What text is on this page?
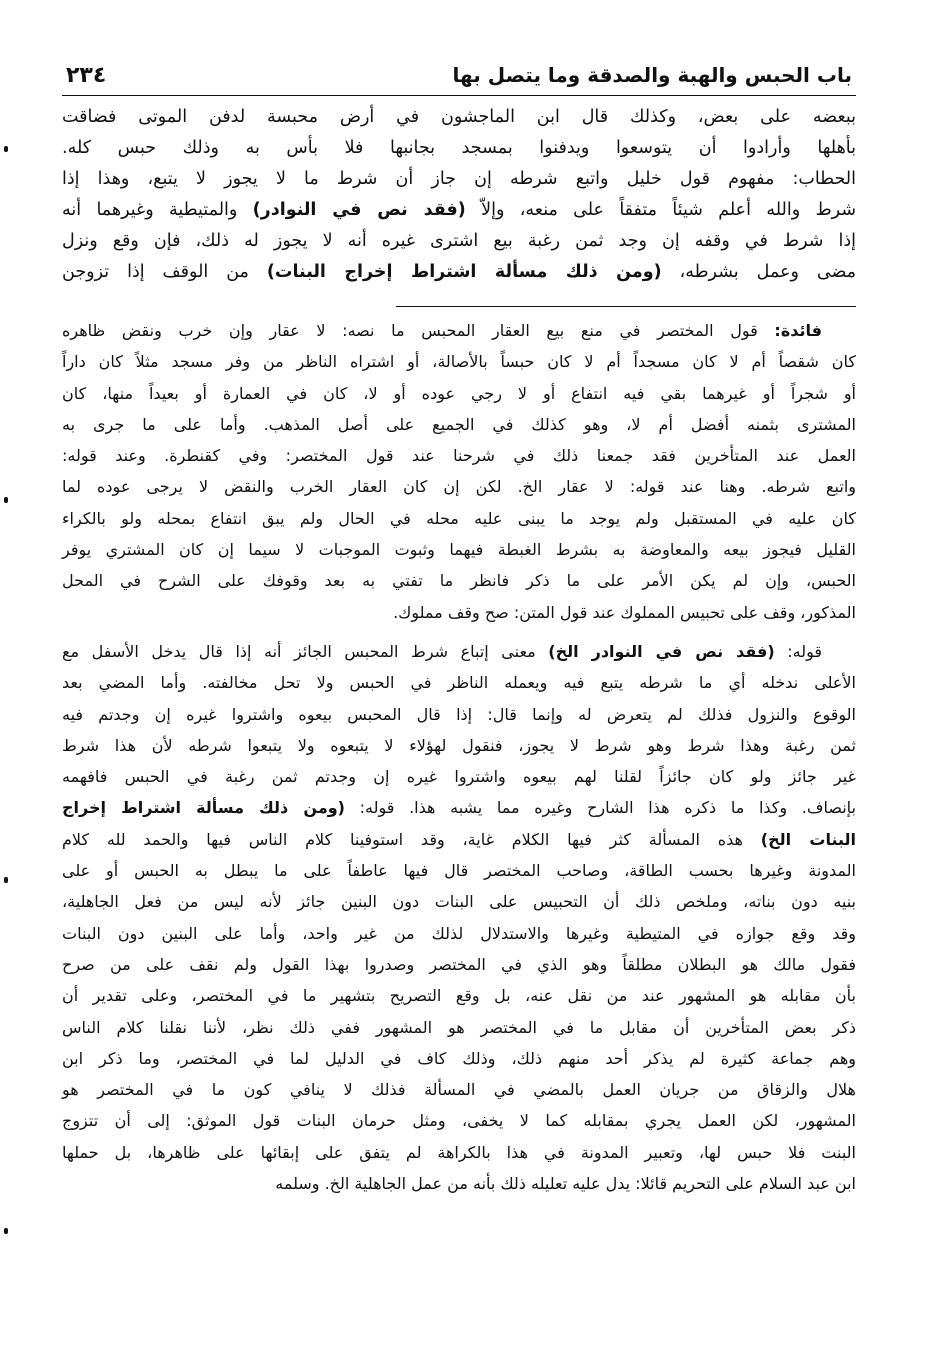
باب الحبس والهبة والصدقة وما يتصل بها
٢٣٤
ببعضه على بعض، وكذلك قال ابن الماجشون في أرض محبسة لدفن الموتى فضاقت
بأهلها وأرادوا أن يتوسعوا ويدفنوا بمسجد بجانبها فلا بأس به وذلك حبس كله.
الحطاب: مفهوم قول خليل واتبع شرطه إن جاز أن شرط ما لا يجوز لا يتبع، وهذا إذا
شرط والله أعلم شيئاً متفقاً على منعه، وإلاّ (فقد نص في النوادر) والمتيطية وغيرهما أنه
إذا شرط في وقفه إن وجد ثمن رغبة بيع اشترى غيره أنه لا يجوز له ذلك، فإن وقع ونزل
مضى وعمل بشرطه، (ومن ذلك مسألة اشتراط إخراج البنات) من الوقف إذا تزوجن
فائدة: قول المختصر في منع بيع العقار المحبس ما نصه: لا عقار وإن خرب ونقض ظاهره
كان شقصاً أم لا كان مسجداً أم لا كان حبساً بالأصالة، أو اشتراه الناظر من وفر مسجد مثلاً كان داراً
أو شجراً أو غيرهما بقي فيه انتفاع أو لا رجي عوده أو لا، كان في العمارة أو بعيداً منها، كان
المشترى بثمنه أفضل أم لا، وهو كذلك في الجميع على أصل المذهب. وأما على ما جرى به
العمل عند المتأخرين فقد جمعنا ذلك في شرحنا عند قول المختصر: وفي كقنطرة. وعند قوله:
واتبع شرطه. وهنا عند قوله: لا عقار الخ. لكن إن كان العقار الخرب والنقض لا يرجى عوده لما
كان عليه في المستقبل ولم يوجد ما يبنى عليه محله في الحال ولم يبق انتفاع بمحله ولو بالكراء
القليل فيجوز بيعه والمعاوضة به بشرط الغبطة فيهما وثبوت الموجبات لا سيما إن كان المشتري يوفر
الحبس، وإن لم يكن الأمر على ما ذكر فانظر ما تفتي به بعد وقوفك على الشرح في المحل
المذكور، وقف على تحبيس المملوك عند قول المتن: صح وقف مملوك.
قوله: (فقد نص في النوادر الخ) معنى إتباع شرط المحبس الجائز أنه إذا قال يدخل الأسفل مع
الأعلى ندخله أي ما شرطه يتبع فيه ويعمله الناظر في الحبس ولا تحل مخالفته. وأما المضي بعد
الوقوع والنزول فذلك لم يتعرض له وإنما قال: إذا قال المحبس بيعوه واشتروا غيره إن وجدتم فيه
ثمن رغبة وهذا شرط وهو شرط لا يجوز، فنقول لهؤلاء لا يتبعوه ولا يتبعوا شرطه لأن هذا شرط
غير جائز ولو كان جائزاً لقلنا لهم بيعوه واشتروا غيره إن وجدتم ثمن رغبة في الحبس فافهمه
بإنصاف. وكذا ما ذكره هذا الشارح وغيره مما يشبه هذا. قوله: (ومن ذلك مسألة اشتراط إخراج
البنات الخ) هذه المسألة كثر فيها الكلام غاية، وقد استوفينا كلام الناس فيها والحمد لله كلام
المدونة وغيرها بحسب الطاقة، وصاحب المختصر قال فيها عاطفاً على ما يبطل به الحبس أو على
بنيه دون بناته، وملخص ذلك أن التحبيس على البنات دون البنين جائز لأنه ليس من فعل الجاهلية،
وقد وقع جوازه في المتيطية وغيرها والاستدلال لذلك من غير واحد، وأما على البنين دون البنات
فقول مالك هو البطلان مطلقاً وهو الذي في المختصر وصدروا بهذا القول ولم نقف على من صرح
بأن مقابله هو المشهور عند من نقل عنه، بل وقع التصريح بتشهير ما في المختصر، وعلى تقدير أن
ذكر بعض المتأخرين أن مقابل ما في المختصر هو المشهور ففي ذلك نظر، لأننا نقلنا كلام الناس
وهم جماعة كثيرة لم يذكر أحد منهم ذلك، وذلك كاف في الدليل لما في المختصر، وما ذكر ابن
هلال والزقاق من جريان العمل بالمضي في المسألة فذلك لا ينافي كون ما في المختصر هو
المشهور، لكن العمل يجري بمقابله كما لا يخفى، ومثل حرمان البنات قول الموثق: إلى أن تتزوج
البنت فلا حبس لها، وتعبير المدونة في هذا بالكراهة لم يتفق على إبقائها على ظاهرها، بل حملها
ابن عبد السلام على التحريم قائلا: يدل عليه تعليله ذلك بأنه من عمل الجاهلية الخ. وسلمه
